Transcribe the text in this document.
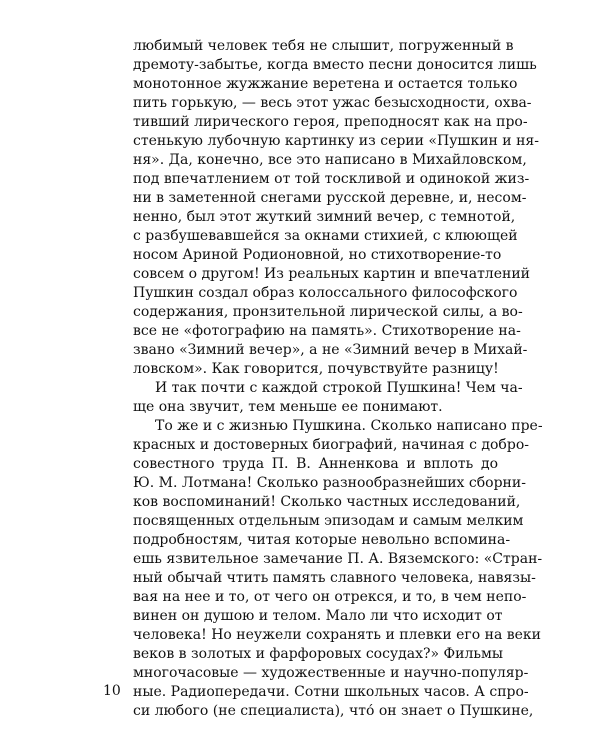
любимый человек тебя не слышит, погруженный в

дремоту-забытье, когда вместо песни доносится лишь

монотонное жужжание веретена и остается только

пить горькую, — весь этот ужас безысходности, охва-

тивший лирического героя, преподносят как на про-

стенькую лубочную картинку из серии «Пушкин и ня-

ня». Да, конечно, все это написано в Михайловском,

под впечатлением от той тоскливой и одинокой жиз-

ни в заметенной снегами русской деревне, и, несом-

ненно, был этот жуткий зимний вечер, с темнотой,

с разбушевавшейся за окнами стихией, с клюющей

носом Ариной Родионовной, но стихотворение-то

совсем о другом! Из реальных картин и впечатлений

Пушкин создал образ колоссального философского

содержания, пронзительной лирической силы, а во-

все не «фотографию на память». Стихотворение на-

звано «Зимний вечер», а не «Зимний вечер в Михай-

ловском». Как говорится, почувствуйте разницу!

И так почти с каждой строкой Пушкина! Чем ча-

ще она звучит, тем меньше ее понимают.

То же и с жизнью Пушкина. Сколько написано пре-

красных и достоверных биографий, начиная с добро-

совестного труда П. В. Анненкова и вплоть до

Ю. М. Лотмана! Сколько разнообразнейших сборни-

ков воспоминаний! Сколько частных исследований,

посвященных отдельным эпизодам и самым мелким

подробностям, читая которые невольно вспомина-

ешь язвительное замечание П. А. Вяземского: «Стран-

ный обычай чтить память славного человека, навязы-

вая на нее и то, от чего он отрекся, и то, в чем непо-

винен он душою и телом. Мало ли что исходит от

человека! Но неужели сохранять и плевки его на веки

веков в золотых и фарфоровых сосудах?» Фильмы

многочасовые — художественные и научно-популяр-

ные. Радиопередачи. Сотни школьных часов. А спро-

си любого (не специалиста), что́ он знает о Пушкине,

10
